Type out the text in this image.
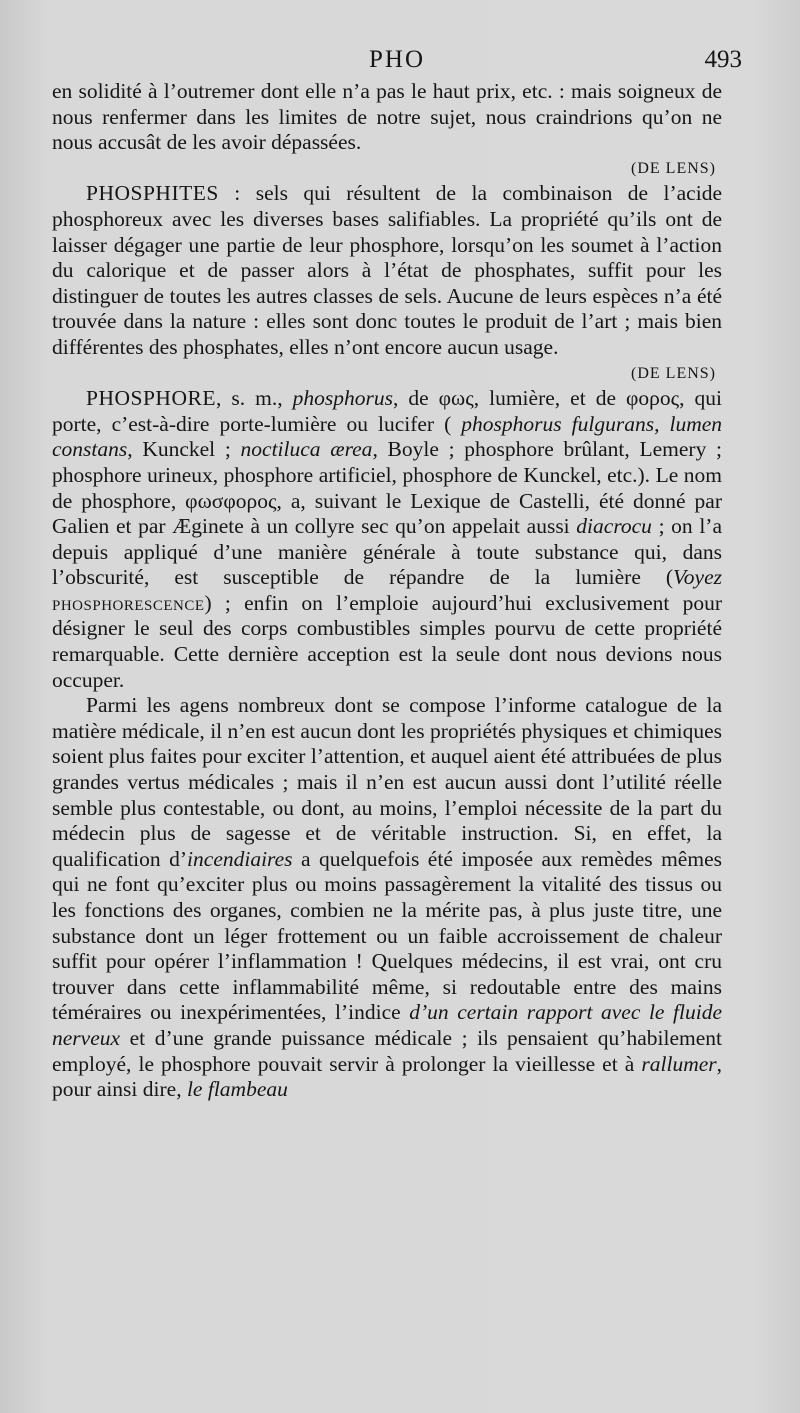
PHO	493

en solidité à l’outremer dont elle n’a pas le haut prix, etc. : mais soigneux de nous renfermer dans les limites de notre sujet, nous craindrions qu’on ne nous accusât de les avoir dépassées.

(DE LENS)

PHOSPHITES : sels qui résultent de la combinaison de l’acide phosphoreux avec les diverses bases salifiables. La propriété qu’ils ont de laisser dégager une partie de leur phosphore, lorsqu’on les soumet à l’action du calorique et de passer alors à l’état de phosphates, suffit pour les distinguer de toutes les autres classes de sels. Aucune de leurs espèces n’a été trouvée dans la nature : elles sont donc toutes le produit de l’art ; mais bien différentes des phosphates, elles n’ont encore aucun usage.

(DE LENS)

PHOSPHORE, s. m., phosphorus, de φως, lumière, et de φορος, qui porte, c’est-à-dire porte-lumière ou lucifer ( phosphorus fulgurans, lumen constans, Kunckel ; noctiluca ærea, Boyle ; phosphore brûlant, Lemery ; phosphore urineux, phosphore artificiel, phosphore de Kunckel, etc.). Le nom de phosphore, φωσφορος, a, suivant le Lexique de Castelli, été donné par Galien et par Æginete à un collyre sec qu’on appelait aussi diacrocu ; on l’a depuis appliqué d’une manière générale à toute substance qui, dans l’obscurité, est susceptible de répandre de la lumière (Voyez phosphorescence) ; enfin on l’emploie aujourd’hui exclusivement pour désigner le seul des corps combustibles simples pourvu de cette propriété remarquable. Cette dernière acception est la seule dont nous devions nous occuper.

Parmi les agens nombreux dont se compose l’informe catalogue de la matière médicale, il n’en est aucun dont les propriétés physiques et chimiques soient plus faites pour exciter l’attention, et auquel aient été attribuées de plus grandes vertus médicales ; mais il n’en est aucun aussi dont l’utilité réelle semble plus contestable, ou dont, au moins, l’emploi nécessite de la part du médecin plus de sagesse et de véritable instruction. Si, en effet, la qualification d’incendiaires a quelquefois été imposée aux remèdes mêmes qui ne font qu’exciter plus ou moins passagèrement la vitalité des tissus ou les fonctions des organes, combien ne la mérite pas, à plus juste titre, une substance dont un léger frottement ou un faible accroissement de chaleur suffit pour opérer l’inflammation ! Quelques médecins, il est vrai, ont cru trouver dans cette inflammabilité même, si redoutable entre des mains téméraires ou inexpérimentées, l’indice d’un certain rapport avec le fluide nerveux et d’une grande puissance médicale ; ils pensaient qu’habilement employé, le phosphore pouvait servir à prolonger la vieillesse et à rallumer, pour ainsi dire, le flambeau
